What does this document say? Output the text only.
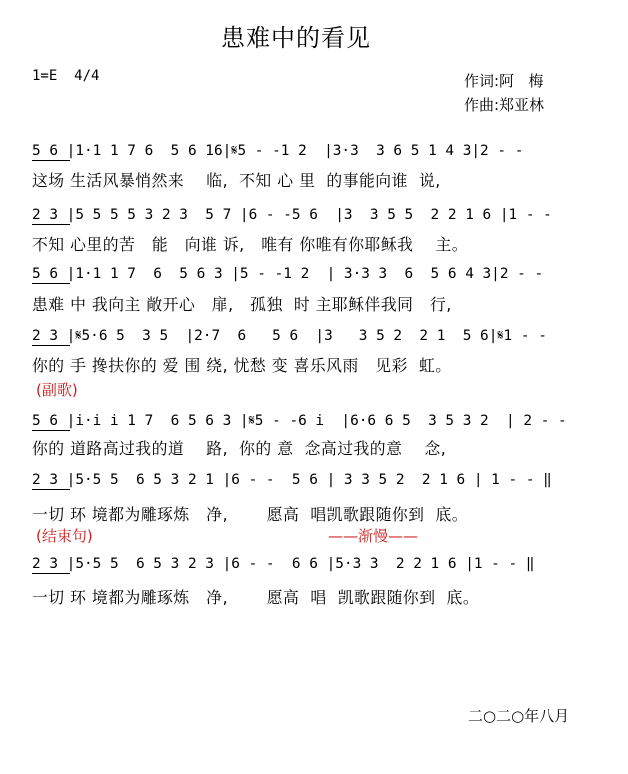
患难中的看见
1=E  4/4	作词:阿   梅
作曲:郑亚林
5 6 |1·1 1 7 6  5 6 16|𝄋5 - -1 2  |3·3  3 6 5 1 4 3|2 - -
这场 生活风暴悄然来    临,  不知 心 里  的事能向谁  说,
2 3 |5 5 5 5 3 2 3  5 7 |6 - -5 6  |3  3 5 5  2 2 1 6 |1 - -
不知 心里的苦   能   向谁 诉,   唯有 你唯有你耶稣我    主。
5 6 |1·1 1 7  6  5 6 3 |5 - -1 2  | 3·3 3  6  5 6 4 3|2 - -
患难 中 我向主 敞开心   扉,   孤独  时 主耶稣伴我同   行,
2 3 |𝄋5·6 5  3 5  |2·7  6   5 6  |3   3 5 2  2 1  5 6|𝄋1 - -
你的 手 搀扶你的 爱 围 绕, 忧愁 变 喜乐风雨   见彩  虹。
(副歌)
5 6 |i·i i 1 7  6 5 6 3 |𝄋5 - -6 i  |6·6 6 5  3 5 3 2  | 2 - -
你的 道路高过我的道    路,  你的 意  念高过我的意    念,
2 3 |5·5 5  6 5 3 2 1 |6 - -  5 6 | 3 3 5 2  2 1 6 | 1 - - ‖
一切 环 境都为雕琢炼   净,       愿高  唱凯歌跟随你到  底。
(结束句)	——渐慢——
2 3 |5·5 5  6 5 3 2 3 |6 - -  6 6 |5·3 3  2 2 1 6 |1 - - ‖
一切 环 境都为雕琢炼   净,       愿高  唱  凯歌跟随你到  底。
二○二○年八月
